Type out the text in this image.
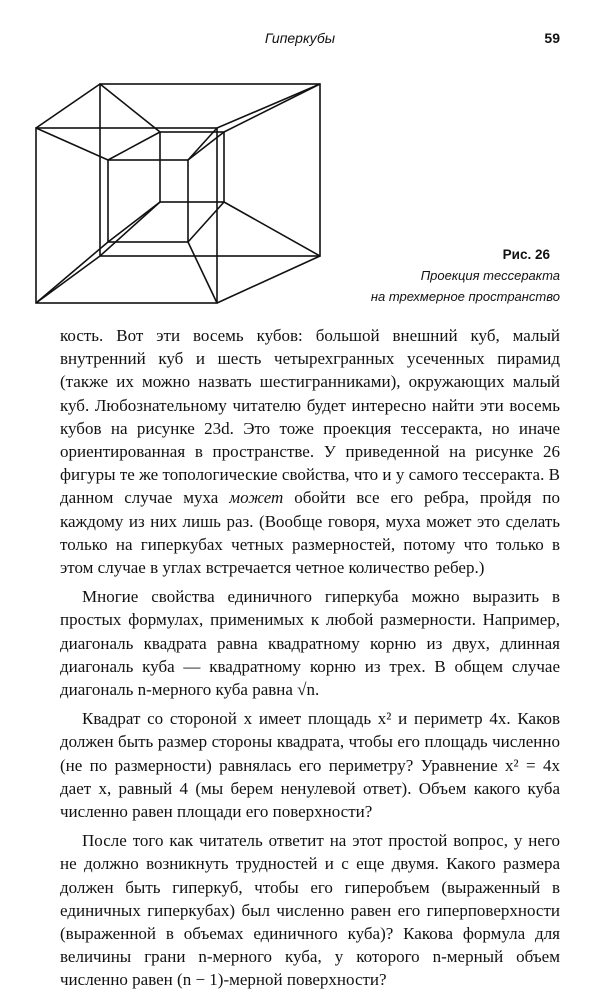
Гиперкубы	59
Рис. 26
Проекция тессеракта
на трехмерное пространство

кость. Вот эти восемь кубов: большой внешний куб, малый внутренний куб и шесть четырехгранных усеченных пирамид (также их можно назвать шестигранниками), окружающих малый куб. Любознательному читателю будет интересно найти эти восемь кубов на рисунке 23d. Это тоже проекция тессеракта, но иначе ориентированная в пространстве. У приведенной на рисунке 26 фигуры те же топологические свойства, что и у самого тессеракта. В данном случае муха может обойти все его ребра, пройдя по каждому из них лишь раз. (Вообще говоря, муха может это сделать только на гиперкубах четных размерностей, потому что только в этом случае в углах встречается четное количество ребер.)

Многие свойства единичного гиперкуба можно выразить в простых формулах, применимых к любой размерности. Например, диагональ квадрата равна квадратному корню из двух, длинная диагональ куба — квадратному корню из трех. В общем случае диагональ n-мерного куба равна √n.

Квадрат со стороной x имеет площадь x² и периметр 4x. Каков должен быть размер стороны квадрата, чтобы его площадь численно (не по размерности) равнялась его периметру? Уравнение x² = 4x дает x, равный 4 (мы берем ненулевой ответ). Объем какого куба численно равен площади его поверхности?

После того как читатель ответит на этот простой вопрос, у него не должно возникнуть трудностей и с еще двумя. Какого размера должен быть гиперкуб, чтобы его гиперобъем (выраженный в единичных гиперкубах) был численно равен его гиперповерхности (выраженной в объемах единичного куба)? Какова формула для величины грани n-мерного куба, у которого n-мерный объем численно равен (n − 1)-мерной поверхности?
